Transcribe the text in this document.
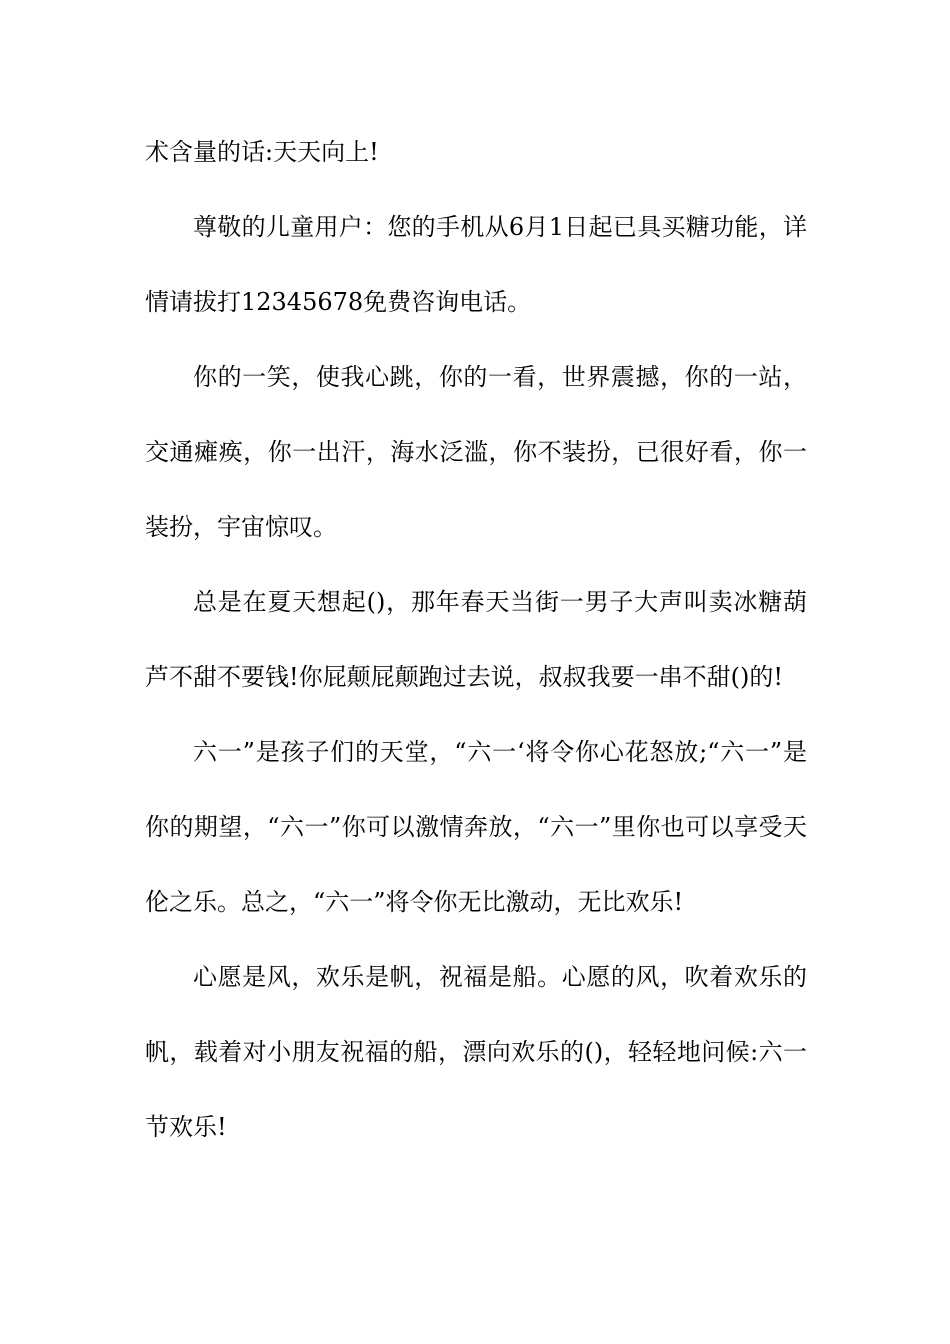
术含量的话:天天向上!

尊敬的儿童用户：您的手机从6月1日起已具买糖功能，详情请拔打12345678免费咨询电话。

你的一笑，使我心跳，你的一看，世界震撼，你的一站，交通瘫痪，你一出汗，海水泛滥，你不装扮，已很好看，你一装扮，宇宙惊叹。

总是在夏天想起()，那年春天当街一男子大声叫卖冰糖葫芦不甜不要钱!你屁颠屁颠跑过去说，叔叔我要一串不甜()的!

六一”是孩子们的天堂，“六一‘将令你心花怒放;“六一”是你的期望，“六一”你可以激情奔放，“六一”里你也可以享受天伦之乐。总之，“六一”将令你无比激动，无比欢乐!

心愿是风，欢乐是帆，祝福是船。心愿的风，吹着欢乐的帆，载着对小朋友祝福的船，漂向欢乐的()，轻轻地问候:六一节欢乐!
